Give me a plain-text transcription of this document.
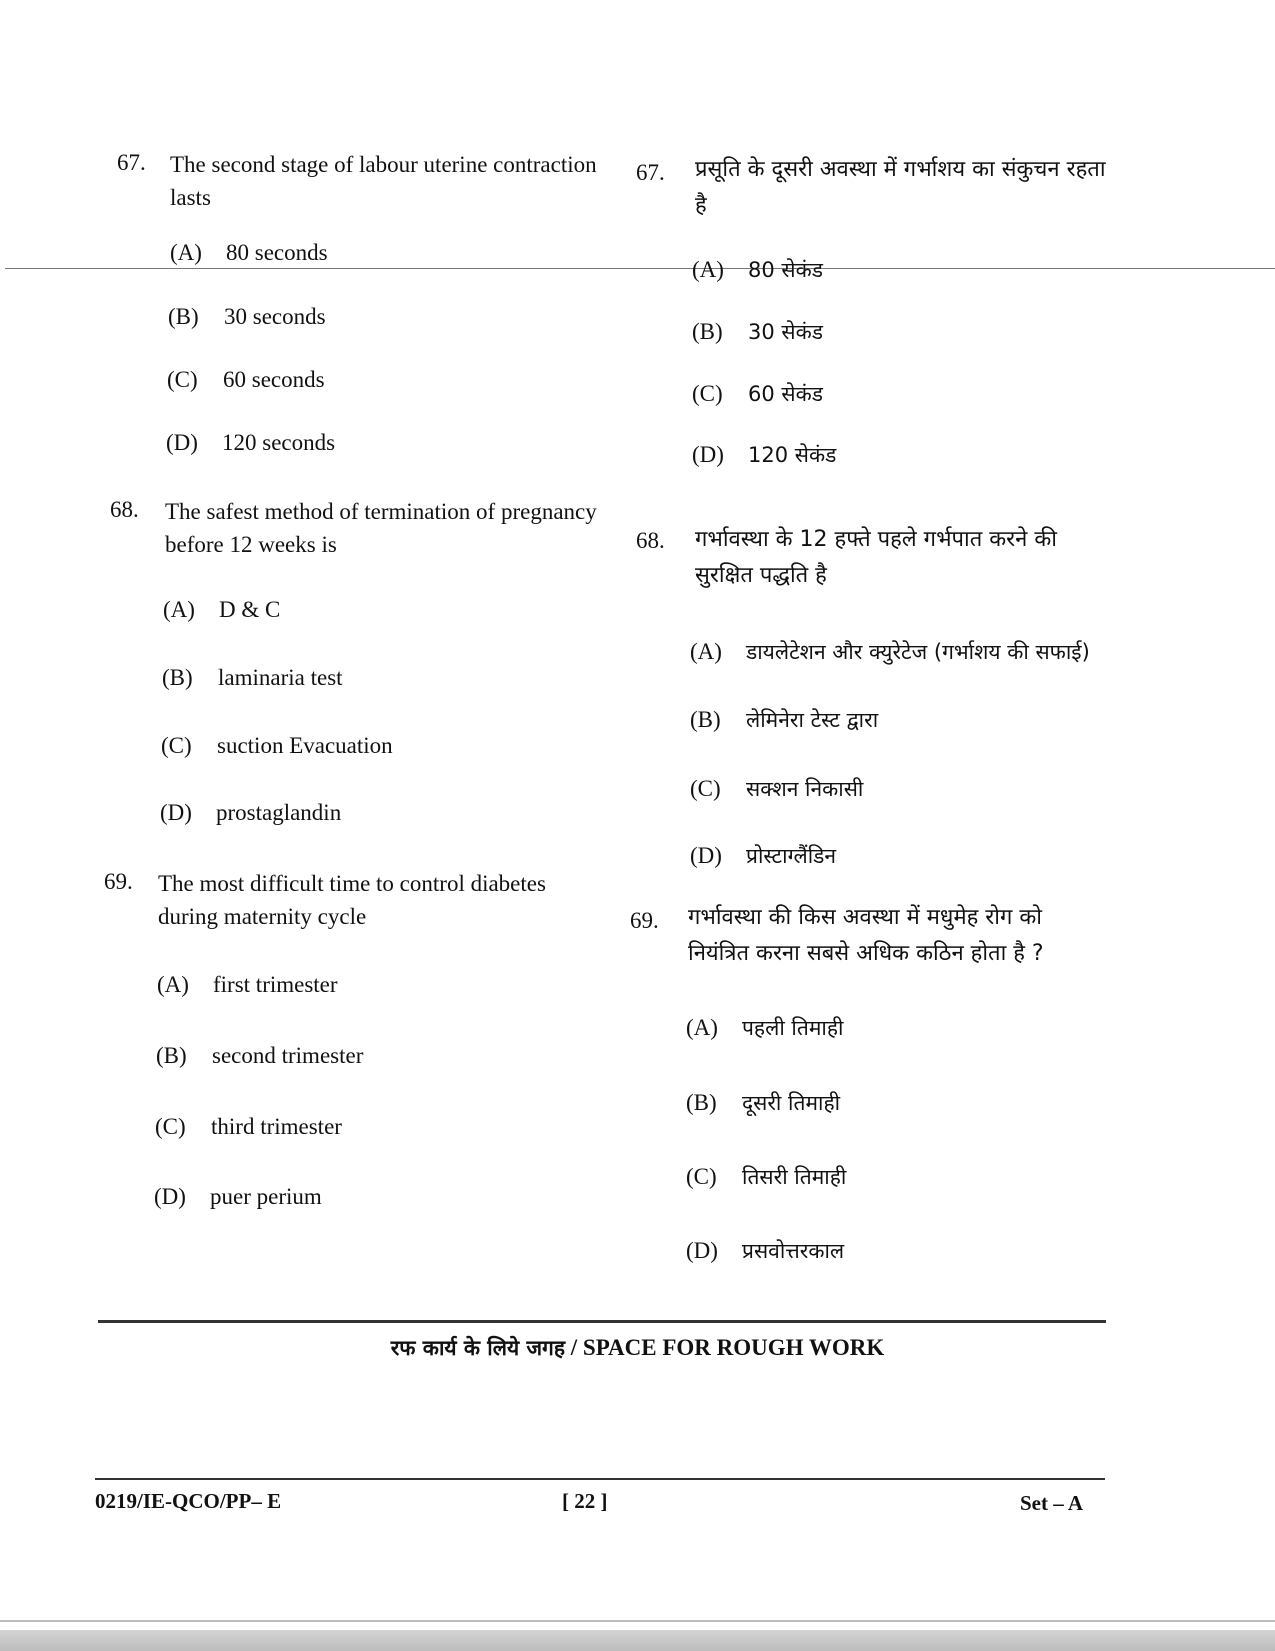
67. The second stage of labour uterine contraction lasts
(A) 80 seconds
(B) 30 seconds
(C) 60 seconds
(D) 120 seconds
68. The safest method of termination of pregnancy before 12 weeks is
(A) D & C
(B) laminaria test
(C) suction Evacuation
(D) prostaglandin
69. The most difficult time to control diabetes during maternity cycle
(A) first trimester
(B) second trimester
(C) third trimester
(D) puer perium
67. प्रसूति के दूसरी अवस्था में गर्भाशय का संकुचन रहता है
(A) 80 सेकंड
(B) 30 सेकंड
(C) 60 सेकंड
(D) 120 सेकंड
68. गर्भावस्था के 12 हफ्ते पहले गर्भपात करने की सुरक्षित पद्धति है
(A) डायलेटेशन और क्युरेटेज (गर्भाशय की सफाई)
(B) लेमिनेरा टेस्ट द्वारा
(C) सक्शन निकासी
(D) प्रोस्टाग्लैंडिन
69. गर्भावस्था की किस अवस्था में मधुमेह रोग को नियंत्रित करना सबसे अधिक कठिन होता है ?
(A) पहली तिमाही
(B) दूसरी तिमाही
(C) तिसरी तिमाही
(D) प्रसवोत्तरकाल
रफ कार्य के लिये जगह / SPACE FOR ROUGH WORK
0219/IE-QCO/PP– E	[ 22 ]	Set – A
